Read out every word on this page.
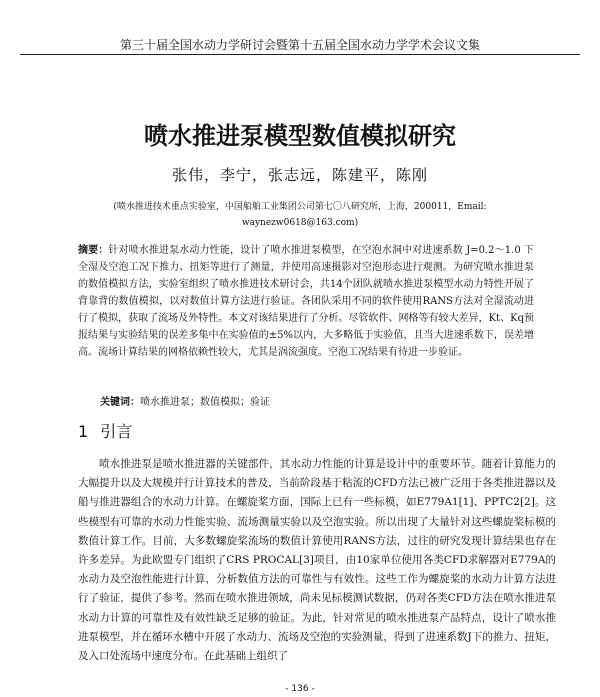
第三十届全国水动力学研讨会暨第十五届全国水动力学学术会议文集
喷水推进泵模型数值模拟研究
张伟，李宁，张志远，陈建平，陈刚
(喷水推进技术重点实验室，中国船舶工业集团公司第七〇八研究所，上海，200011，Email:
waynezw0618@163.com)
摘要：针对喷水推进泵水动力性能，设计了喷水推进泵模型，在空泡水洞中对进速系数 J=0.2～1.0 下全湿及空泡工况下推力、扭矩等进行了测量，并使用高速摄影对空泡形态进行观测。为研究喷水推进泵的数值模拟方法，实验室组织了喷水推进技术研讨会，共14个团队就喷水推进泵模型水动力特性开展了背靠背的数值模拟，以对数值计算方法进行验证。各团队采用不同的软件使用RANS方法对全湿流动进行了模拟，获取了流场及外特性。本文对该结果进行了分析。尽管软件、网格等有较大差异，Kt、Kq预报结果与实验结果的误差多集中在实验值的±5%以内，大多略低于实验值，且当大进速系数下，误差增高。流场计算结果的网格依赖性较大，尤其是涡流强度。空泡工况结果有待进一步验证。
关键词：喷水推进泵；数值模拟；验证
1 引言
喷水推进泵是喷水推进器的关键部件，其水动力性能的计算是设计中的重要环节。随着计算能力的大幅提升以及大规模并行计算技术的普及，当前阶段基于粘流的CFD方法已被广泛用于各类推进器以及船与推进器组合的水动力计算。在螺旋桨方面，国际上已有一些标模，如E779A1[1]、PPTC2[2]。这些模型有可靠的水动力性能实验、流场测量实验以及空泡实验。所以出现了大量针对这些螺旋桨标模的数值计算工作。目前，大多数螺旋桨流场的数值计算使用RANS方法，过往的研究发现计算结果也存在许多差异。为此欧盟专门组织了CRS PROCAL[3]项目，由10家单位使用各类CFD求解器对E779A的水动力及空泡性能进行计算，分析数值方法的可靠性与有效性。这些工作为螺旋桨的水动力计算方法进行了验证，提供了参考。然而在喷水推进领域，尚未见标模测试数据，仍对各类CFD方法在喷水推进泵水动力计算的可靠性及有效性缺乏足够的验证。为此，针对常见的喷水推进泵产品特点，设计了喷水推进泵模型，并在循环水槽中开展了水动力、流场及空泡的实验测量，得到了进速系数J下的推力、扭矩，及入口处流场中速度分布。在此基础上组织了
- 136 -
